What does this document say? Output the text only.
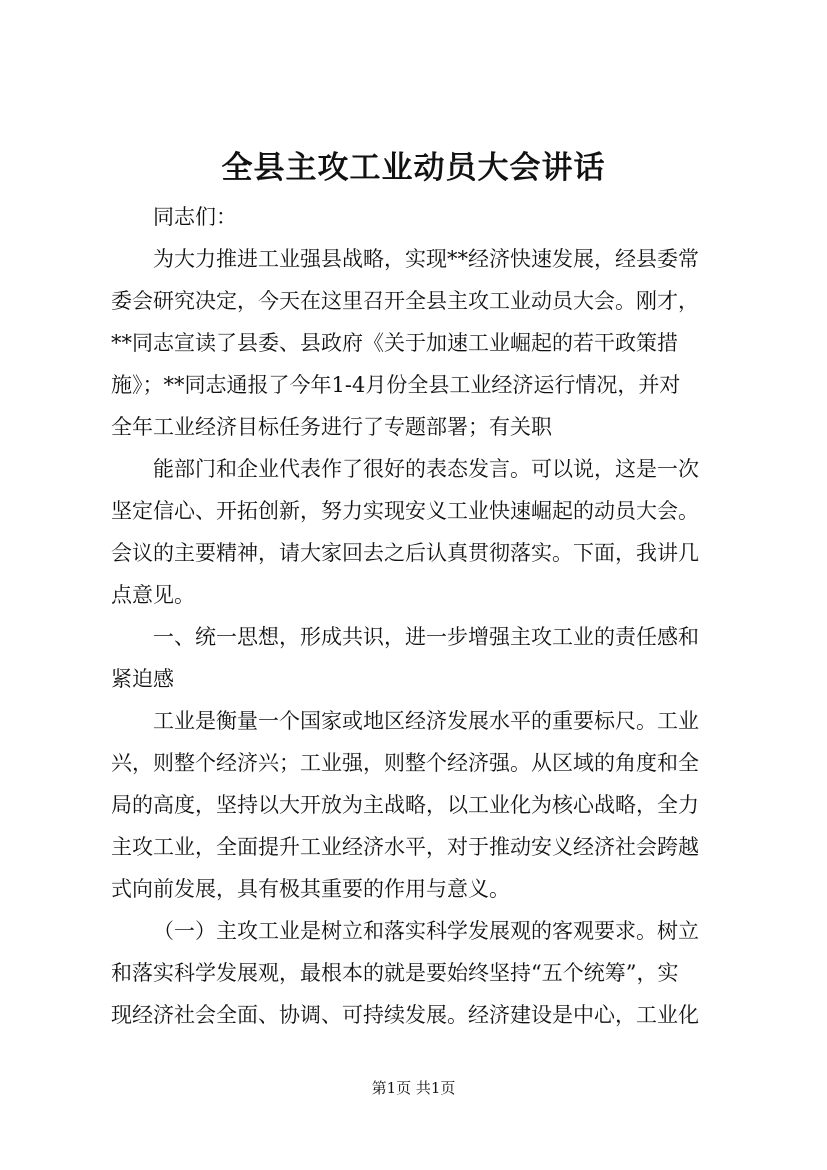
全县主攻工业动员大会讲话
同志们：
为大力推进工业强县战略，实现**经济快速发展，经县委常
委会研究决定，今天在这里召开全县主攻工业动员大会。刚才，
**同志宣读了县委、县政府《关于加速工业崛起的若干政策措
施》；**同志通报了今年1-4月份全县工业经济运行情况，并对
全年工业经济目标任务进行了专题部署；有关职
能部门和企业代表作了很好的表态发言。可以说，这是一次
坚定信心、开拓创新，努力实现安义工业快速崛起的动员大会。
会议的主要精神，请大家回去之后认真贯彻落实。下面，我讲几
点意见。
一、统一思想，形成共识，进一步增强主攻工业的责任感和
紧迫感
工业是衡量一个国家或地区经济发展水平的重要标尺。工业
兴，则整个经济兴；工业强，则整个经济强。从区域的角度和全
局的高度，坚持以大开放为主战略，以工业化为核心战略，全力
主攻工业，全面提升工业经济水平，对于推动安义经济社会跨越
式向前发展，具有极其重要的作用与意义。
（一）主攻工业是树立和落实科学发展观的客观要求。树立
和落实科学发展观，最根本的就是要始终坚持“五个统筹”，实
现经济社会全面、协调、可持续发展。经济建设是中心，工业化
第1页 共1页
